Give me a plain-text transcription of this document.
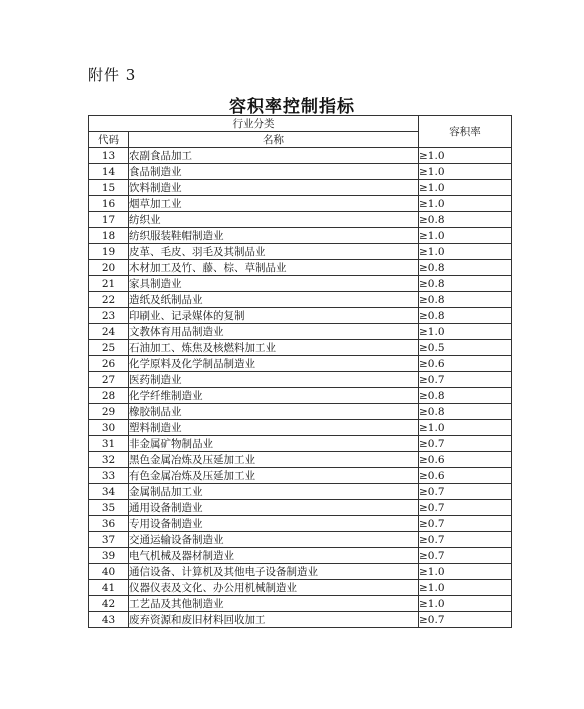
附件 3
容积率控制指标
行业分类		容积率
代码	名称	
13	农副食品加工	≥1.0
14	食品制造业	≥1.0
15	饮料制造业	≥1.0
16	烟草加工业	≥1.0
17	纺织业	≥0.8
18	纺织服装鞋帽制造业	≥1.0
19	皮革、毛皮、羽毛及其制品业	≥1.0
20	木材加工及竹、藤、棕、草制品业	≥0.8
21	家具制造业	≥0.8
22	造纸及纸制品业	≥0.8
23	印刷业、记录媒体的复制	≥0.8
24	文教体育用品制造业	≥1.0
25	石油加工、炼焦及核燃料加工业	≥0.5
26	化学原料及化学制品制造业	≥0.6
27	医药制造业	≥0.7
28	化学纤维制造业	≥0.8
29	橡胶制品业	≥0.8
30	塑料制造业	≥1.0
31	非金属矿物制品业	≥0.7
32	黑色金属冶炼及压延加工业	≥0.6
33	有色金属冶炼及压延加工业	≥0.6
34	金属制品加工业	≥0.7
35	通用设备制造业	≥0.7
36	专用设备制造业	≥0.7
37	交通运输设备制造业	≥0.7
39	电气机械及器材制造业	≥0.7
40	通信设备、计算机及其他电子设备制造业	≥1.0
41	仪器仪表及文化、办公用机械制造业	≥1.0
42	工艺品及其他制造业	≥1.0
43	废弃资源和废旧材料回收加工	≥0.7
